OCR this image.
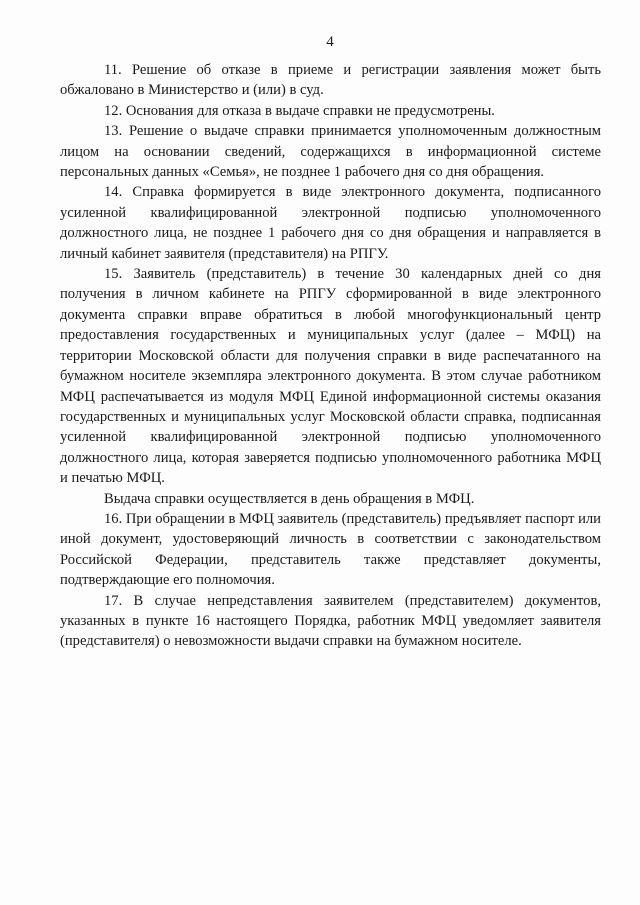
4

11. Решение об отказе в приеме и регистрации заявления может быть обжаловано в Министерство и (или) в суд.

12. Основания для отказа в выдаче справки не предусмотрены.

13. Решение о выдаче справки принимается уполномоченным должностным лицом на основании сведений, содержащихся в информационной системе персональных данных «Семья», не позднее 1 рабочего дня со дня обращения.

14. Справка формируется в виде электронного документа, подписанного усиленной квалифицированной электронной подписью уполномоченного должностного лица, не позднее 1 рабочего дня со дня обращения и направляется в личный кабинет заявителя (представителя) на РПГУ.

15. Заявитель (представитель) в течение 30 календарных дней со дня получения в личном кабинете на РПГУ сформированной в виде электронного документа справки вправе обратиться в любой многофункциональный центр предоставления государственных и муниципальных услуг (далее – МФЦ) на территории Московской области для получения справки в виде распечатанного на бумажном носителе экземпляра электронного документа. В этом случае работником МФЦ распечатывается из модуля МФЦ Единой информационной системы оказания государственных и муниципальных услуг Московской области справка, подписанная усиленной квалифицированной электронной подписью уполномоченного должностного лица, которая заверяется подписью уполномоченного работника МФЦ и печатью МФЦ.

Выдача справки осуществляется в день обращения в МФЦ.

16. При обращении в МФЦ заявитель (представитель) предъявляет паспорт или иной документ, удостоверяющий личность в соответствии с законодательством Российской Федерации, представитель также представляет документы, подтверждающие его полномочия.

17. В случае непредставления заявителем (представителем) документов, указанных в пункте 16 настоящего Порядка, работник МФЦ уведомляет заявителя (представителя) о невозможности выдачи справки на бумажном носителе.
